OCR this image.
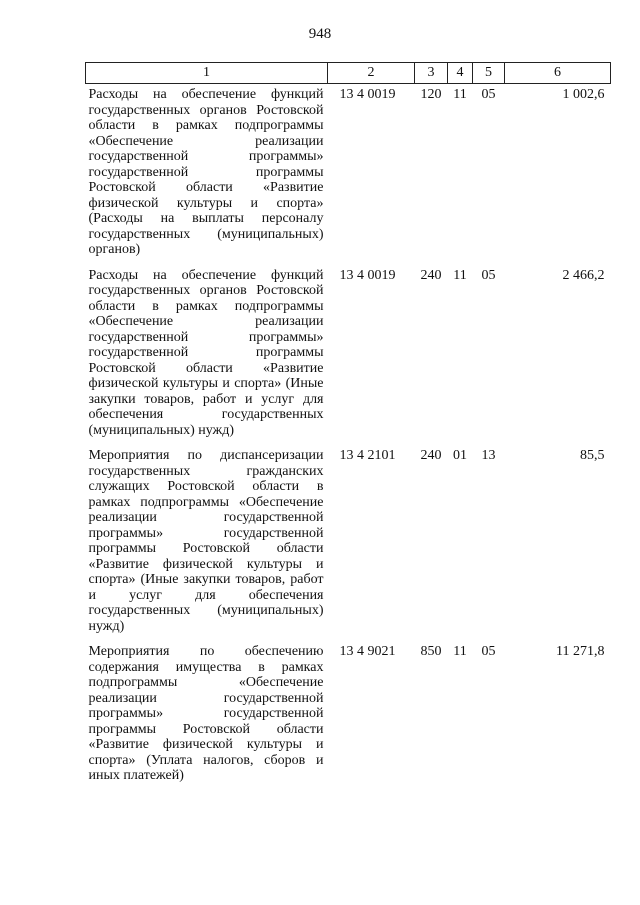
948
1	2	3	4	5	6
Расходы на обеспечение функций государственных органов Ростовской области в рамках подпрограммы «Обеспечение реализации государственной программы» государственной программы Ростовской области «Развитие физической культуры и спорта» (Расходы на выплаты персоналу государственных (муниципальных) органов)	13 4 0019	120	11	05	1 002,6
Расходы на обеспечение функций государственных органов Ростовской области в рамках подпрограммы «Обеспечение реализации государственной программы» государственной программы Ростовской области «Развитие физической культуры и спорта» (Иные закупки товаров, работ и услуг для обеспечения государственных (муниципальных) нужд)	13 4 0019	240	11	05	2 466,2
Мероприятия по диспансеризации государственных гражданских служащих Ростовской области в рамках подпрограммы «Обеспечение реализации государственной программы» государственной программы Ростовской области «Развитие физической культуры и спорта» (Иные закупки товаров, работ и услуг для обеспечения государственных (муниципальных) нужд)	13 4 2101	240	01	13	85,5
Мероприятия по обеспечению содержания имущества в рамках подпрограммы «Обеспечение реализации государственной программы» государственной программы Ростовской области «Развитие физической культуры и спорта» (Уплата налогов, сборов и иных платежей)	13 4 9021	850	11	05	11 271,8
